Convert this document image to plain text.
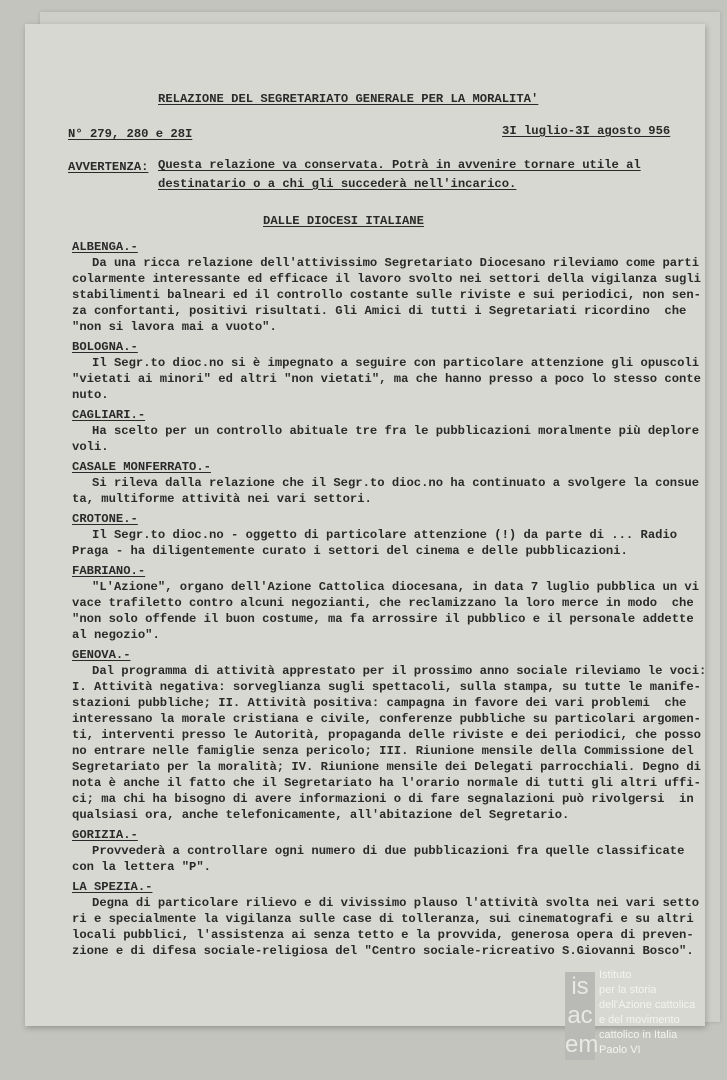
RELAZIONE DEL SEGRETARIATO GENERALE PER LA MORALITA'
N° 279, 280 e 28I	3I luglio-3I agosto 956
AVVERTENZA: Questa relazione va conservata. Potrà in avvenire tornare utile al
destinatario o a chi gli succederà nell'incarico.
DALLE DIOCESI ITALIANE
ALBENGA.-
Da una ricca relazione dell'attivissimo Segretariato Diocesano rileviamo come parti
colarmente interessante ed efficace il lavoro svolto nei settori della vigilanza sugli
stabilimenti balneari ed il controllo costante sulle riviste e sui periodici, non sen-
za confortanti, positivi risultati. Gli Amici di tutti i Segretariati ricordino  che
"non si lavora mai a vuoto".
BOLOGNA.-
Il Segr.to dioc.no si è impegnato a seguire con particolare attenzione gli opuscoli
"vietati ai minori" ed altri "non vietati", ma che hanno presso a poco lo stesso conte
nuto.
CAGLIARI.-
Ha scelto per un controllo abituale tre fra le pubblicazioni moralmente più deplore
voli.
CASALE MONFERRATO.-
Si rileva dalla relazione che il Segr.to dioc.no ha continuato a svolgere la consue
ta, multiforme attività nei vari settori.
CROTONE.-
Il Segr.to dioc.no - oggetto di particolare attenzione (!) da parte di ... Radio
Praga - ha diligentemente curato i settori del cinema e delle pubblicazioni.
FABRIANO.-
"L'Azione", organo dell'Azione Cattolica diocesana, in data 7 luglio pubblica un vi
vace trafiletto contro alcuni negozianti, che reclamizzano la loro merce in modo  che
"non solo offende il buon costume, ma fa arrossire il pubblico e il personale addette
al negozio".
GENOVA.-
Dal programma di attività apprestato per il prossimo anno sociale rileviamo le voci:
I. Attività negativa: sorveglianza sugli spettacoli, sulla stampa, su tutte le manife-
stazioni pubbliche; II. Attività positiva: campagna in favore dei vari problemi  che
interessano la morale cristiana e civile, conferenze pubbliche su particolari argomen-
ti, interventi presso le Autorità, propaganda delle riviste e dei periodici, che posso
no entrare nelle famiglie senza pericolo; III. Riunione mensile della Commissione del
Segretariato per la moralità; IV. Riunione mensile dei Delegati parrocchiali. Degno di
nota è anche il fatto che il Segretariato ha l'orario normale di tutti gli altri uffi-
ci; ma chi ha bisogno di avere informazioni o di fare segnalazioni può rivolgersi  in
qualsiasi ora, anche telefonicamente, all'abitazione del Segretario.
GORIZIA.-
Provvederà a controllare ogni numero di due pubblicazioni fra quelle classificate
con la lettera "P".
LA SPEZIA.-
Degna di particolare rilievo e di vivissimo plauso l'attività svolta nei vari setto
ri e specialmente la vigilanza sulle case di tolleranza, sui cinematografi e su altri
locali pubblici, l'assistenza ai senza tetto e la provvida, generosa opera di preven-
zione e di difesa sociale-religiosa del "Centro sociale-ricreativo S.Giovanni Bosco".
is
ac
em
Istituto
per la storia
dell'Azione cattolica
e del movimento
cattolico in Italia
Paolo VI
